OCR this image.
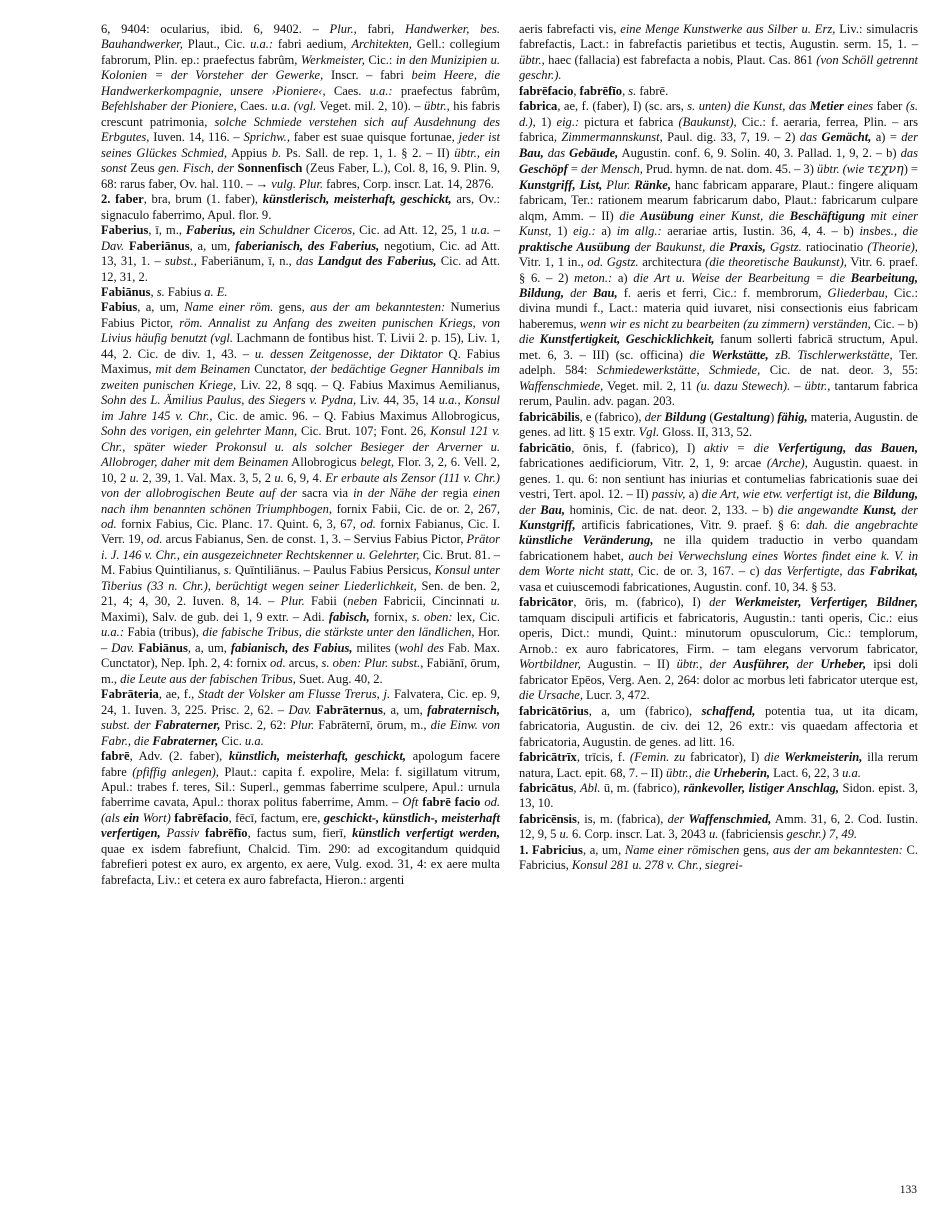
6, 9404: ocularius, ibid. 6, 9402. – Plur., fabri, Handwerker, bes. Bauhandwerker, Plaut., Cic. u.a.: fabri aedium, Architekten, Gell.: collegium fabrorum, Plin. ep.: praefectus fabrûm, Werkmeister, Cic.: in den Munizipien u. Kolonien = der Vorsteher der Gewerke, Inscr. – fabri beim Heere, die Handwerkerkompagnie, unsere ›Pioniere‹, Caes. u.a.: praefectus fabrûm, Befehlshaber der Pioniere, Caes. u.a. (vgl. Veget. mil. 2, 10). – übtr., his fabris crescunt patrimonia, solche Schmiede verstehen sich auf Ausdehnung des Erbgutes, Iuven. 14, 116. – Sprichw., faber est suae quisque fortunae, jeder ist seines Glückes Schmied, Appius b. Ps. Sall. de rep. 1, 1. § 2. – II) übtr., ein sonst Zeus gen. Fisch, der Sonnenfisch (Zeus Faber, L.), Col. 8, 16, 9. Plin. 9, 68: rarus faber, Ov. hal. 110. – → vulg. Plur. fabres, Corp. inscr. Lat. 14, 2876.

2. faber, bra, brum (1. faber), künstlerisch, meisterhaft, geschickt, ars, Ov.: signaculo faberrimo, Apul. flor. 9.

Faberius, ī, m., Faberius, ein Schuldner Ciceros, Cic. ad Att. 12, 25, 1 u.a. – Dav. Faberiānus, a, um, faberianisch, des Faberius, negotium, Cic. ad Att. 13, 31, 1. – subst., Faberiānum, ī, n., das Landgut des Faberius, Cic. ad Att. 12, 31, 2.

Fabiānus, s. Fabius a. E.

Fabius, a, um, Name einer röm. gens, aus der am bekanntesten: Numerius Fabius Pictor, röm. Annalist zu Anfang des zweiten punischen Kriegs, von Livius häufig benutzt (vgl. Lachmann de fontibus hist. T. Livii 2. p. 15), Liv. 1, 44, 2. Cic. de div. 1, 43. – u. dessen Zeitgenosse, der Diktator Q. Fabius Maximus, mit dem Beinamen Cunctator, der bedächtige Gegner Hannibals im zweiten punischen Kriege, Liv. 22, 8 sqq. – Q. Fabius Maximus Aemilianus, Sohn des L. Ämilius Paulus, des Siegers v. Pydna, Liv. 44, 35, 14 u.a., Konsul im Jahre 145 v. Chr., Cic. de amic. 96. – Q. Fabius Maximus Allobrogicus, Sohn des vorigen, ein gelehrter Mann, Cic. Brut. 107; Font. 26, Konsul 121 v. Chr., später wieder Prokonsul u. als solcher Besieger der Arverner u. Allobroger, daher mit dem Beinamen Allobrogicus belegt, Flor. 3, 2, 6. Vell. 2, 10, 2 u. 2, 39, 1. Val. Max. 3, 5, 2 u. 6, 9, 4. Er erbaute als Zensor (111 v. Chr.) von der allobrogischen Beute auf der sacra via in der Nähe der regia einen nach ihm benannten schönen Triumphbogen, fornix Fabii, Cic. de or. 2, 267, od. fornix Fabius, Cic. Planc. 17. Quint. 6, 3, 67, od. fornix Fabianus, Cic. I. Verr. 19, od. arcus Fabianus, Sen. de const. 1, 3. – Servius Fabius Pictor, Prätor i. J. 146 v. Chr., ein ausgezeichneter Rechtskenner u. Gelehrter, Cic. Brut. 81. – M. Fabius Quintilianus, s. Quīntiliānus. – Paulus Fabius Persicus, Konsul unter Tiberius (33 n. Chr.), berüchtigt wegen seiner Liederlichkeit, Sen. de ben. 2, 21, 4; 4, 30, 2. Iuven. 8, 14. – Plur. Fabii (neben Fabricii, Cincinnati u. Maximi), Salv. de gub. dei 1, 9 extr. – Adi. fabisch, fornix, s. oben: lex, Cic. u.a.: Fabia (tribus), die fabische Tribus, die stärkste unter den ländlichen, Hor. – Dav. Fabiānus, a, um, fabianisch, des Fabius, milites (wohl des Fab. Max. Cunctator), Nep. Iph. 2, 4: fornix od. arcus, s. oben: Plur. subst., Fabiānī, ōrum, m., die Leute aus der fabischen Tribus, Suet. Aug. 40, 2.

Fabrāteria, ae, f., Stadt der Volsker am Flusse Trerus, j. Falvatera, Cic. ep. 9, 24, 1. Iuven. 3, 225. Prisc. 2, 62. – Dav. Fabrāternus, a, um, fabraternisch, subst. der Fabraterner, Prisc. 2, 62: Plur. Fabrāternī, ōrum, m., die Einw. von Fabr., die Fabraterner, Cic. u.a.

fabrē, Adv. (2. faber), künstlich, meisterhaft, geschickt, apologum facere fabre (pfiffig anlegen), Plaut.: capita f. expolire, Mela: f. sigillatum vitrum, Apul.: trabes f. teres, Sil.: Superl., gemmas faberrime sculpere, Apul.: urnula faberrime cavata, Apul.: thorax politus faberrime, Amm. – Oft fabrē facio od. (als ein Wort) fabrēfacio, fēcī, factum, ere, geschickt-, künstlich-, meisterhaft verfertigen, Passiv fabrēfīo, factus sum, fierī, künstlich verfertigt werden, quae ex isdem fabrefiunt, Chalcid. Tim. 290: ad excogitandum quidquid fabrefieri potest ex auro, ex argento, ex aere, Vulg. exod. 31, 4: ex aere multa fabrefacta, Liv.: et cetera ex auro fabrefacta, Hieron.: argenti

aeris fabrefacti vis, eine Menge Kunstwerke aus Silber u. Erz, Liv.: simulacris fabrefactis, Lact.: in fabrefactis parietibus et tectis, Augustin. serm. 15, 1. – übtr., haec (fallacia) est fabrefacta a nobis, Plaut. Cas. 861 (von Schöll getrennt geschr.).

fabrēfacio, fabrēfīo, s. fabrē.

fabrica, ae, f. (faber), I) (sc. ars, s. unten) die Kunst, das Metier eines faber (s. d.), 1) eig.: pictura et fabrica (Baukunst), Cic.: f. aeraria, ferrea, Plin. – ars fabrica, Zimmermannskunst, Paul. dig. 33, 7, 19. – 2) das Gemächt, a) = der Bau, das Gebäude, Augustin. conf. 6, 9. Solin. 40, 3. Pallad. 1, 9, 2. – b) das Geschöpf = der Mensch, Prud. hymn. de nat. dom. 45. – 3) übtr. (wie τεχνη) = Kunstgriff, List, Plur. Ränke, hanc fabricam apparare, Plaut.: fingere aliquam fabricam, Ter.: rationem mearum fabricarum dabo, Plaut.: fabricarum culpare alqm, Amm. – II) die Ausübung einer Kunst, die Beschäftigung mit einer Kunst, 1) eig.: a) im allg.: aerariae artis, Iustin. 36, 4, 4. – b) insbes., die praktische Ausübung der Baukunst, die Praxis, Ggstz. ratiocinatio (Theorie), Vitr. 1, 1 in., od. Ggstz. architectura (die theoretische Baukunst), Vitr. 6. praef. § 6. – 2) meton.: a) die Art u. Weise der Bearbeitung = die Bearbeitung, Bildung, der Bau, f. aeris et ferri, Cic.: f. membrorum, Gliederbau, Cic.: divina mundi f., Lact.: materia quid iuvaret, nisi consectionis eius fabricam haberemus, wenn wir es nicht zu bearbeiten (zu zimmern) verständen, Cic. – b) die Kunstfertigkeit, Geschicklichkeit, fanum sollerti fabricā structum, Apul. met. 6, 3. – III) (sc. officina) die Werkstätte, zB. Tischlerwerkstätte, Ter. adelph. 584: Schmiedewerkstätte, Schmiede, Cic. de nat. deor. 3, 55: Waffenschmiede, Veget. mil. 2, 11 (u. dazu Stewech). – übtr., tantarum fabrica rerum, Paulin. adv. pagan. 203.

fabricābilis, e (fabrico), der Bildung (Gestaltung) fähig, materia, Augustin. de genes. ad litt. § 15 extr. Vgl. Gloss. II, 313, 52.

fabricātio, ōnis, f. (fabrico), I) aktiv = die Verfertigung, das Bauen, fabricationes aedificiorum, Vitr. 2, 1, 9: arcae (Arche), Augustin. quaest. in genes. 1. qu. 6: non sentiunt has iniurias et contumelias fabricationis suae dei vestri, Tert. apol. 12. – II) passiv, a) die Art, wie etw. verfertigt ist, die Bildung, der Bau, hominis, Cic. de nat. deor. 2, 133. – b) die angewandte Kunst, der Kunstgriff, artificis fabricationes, Vitr. 9. praef. § 6: dah. die angebrachte künstliche Veränderung, ne illa quidem traductio in verbo quandam fabricationem habet, auch bei Verwechslung eines Wortes findet eine k. V. in dem Worte nicht statt, Cic. de or. 3, 167. – c) das Verfertigte, das Fabrikat, vasa et cuiuscemodi fabricationes, Augustin. conf. 10, 34. § 53.

fabricātor, ōris, m. (fabrico), I) der Werkmeister, Verfertiger, Bildner, tamquam discipuli artificis et fabricatoris, Augustin.: tanti operis, Cic.: eius operis, Dict.: mundi, Quint.: minutorum opusculorum, Cic.: templorum, Arnob.: ex auro fabricatores, Firm. – tam elegans vervorum fabricator, Wortbildner, Augustin. – II) übtr., der Ausführer, der Urheber, ipsi doli fabricator Epēos, Verg. Aen. 2, 264: dolor ac morbus leti fabricator uterque est, die Ursache, Lucr. 3, 472.

fabricātōrius, a, um (fabrico), schaffend, potentia tua, ut ita dicam, fabricatoria, Augustin. de civ. dei 12, 26 extr.: vis quaedam affectoria et fabricatoria, Augustin. de genes. ad litt. 16.

fabricātrīx, trīcis, f. (Femin. zu fabricator), I) die Werkmeisterin, illa rerum natura, Lact. epit. 68, 7. – II) übtr., die Urheberin, Lact. 6, 22, 3 u.a.

fabricātus, Abl. ū, m. (fabrico), ränkevoller, listiger Anschlag, Sidon. epist. 3, 13, 10.

fabricēnsis, is, m. (fabrica), der Waffenschmied, Amm. 31, 6, 2. Cod. Iustin. 12, 9, 5 u. 6. Corp. inscr. Lat. 3, 2043 u. (fabriciensis geschr.) 7, 49.

1. Fabricius, a, um, Name einer römischen gens, aus der am bekanntesten: C. Fabricius, Konsul 281 u. 278 v. Chr., siegrei-

133
